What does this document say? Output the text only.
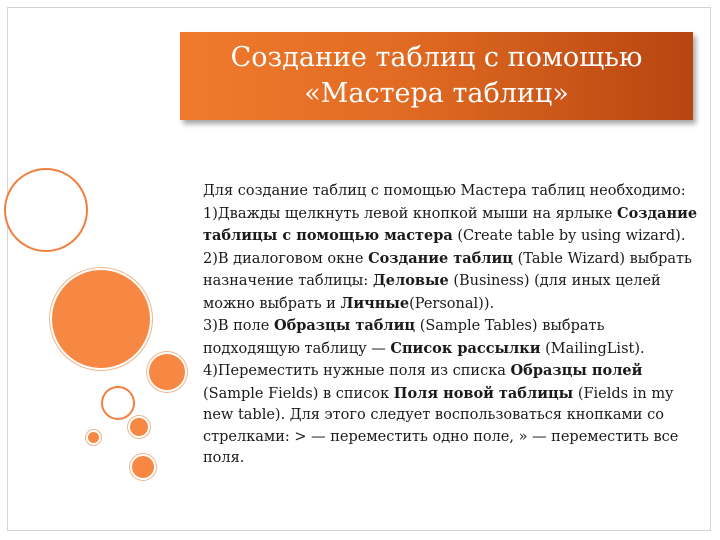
Создание таблиц с помощью
«Мастера таблиц»

Для создание таблиц с помощью Мастера таблиц необходимо:

1)Дважды щелкнуть левой кнопкой мыши на ярлыке Создание таблицы с помощью мастера (Create table by using wizard).

2)В диалоговом окне Создание таблиц (Table Wizard) выбрать назначение таблицы: Деловые (Business) (для иных целей можно выбрать и Личные(Personal)).

3)В поле Образцы таблиц (Sample Tables) выбрать подходящую таблицу — Список рассылки (MailingList).

4)Переместить нужные поля из списка Образцы полей (Sample Fields) в список Поля новой таблицы (Fields in my new table). Для этого следует воспользоваться кнопками со стрелками: > — переместить одно поле, » — переместить все поля.
